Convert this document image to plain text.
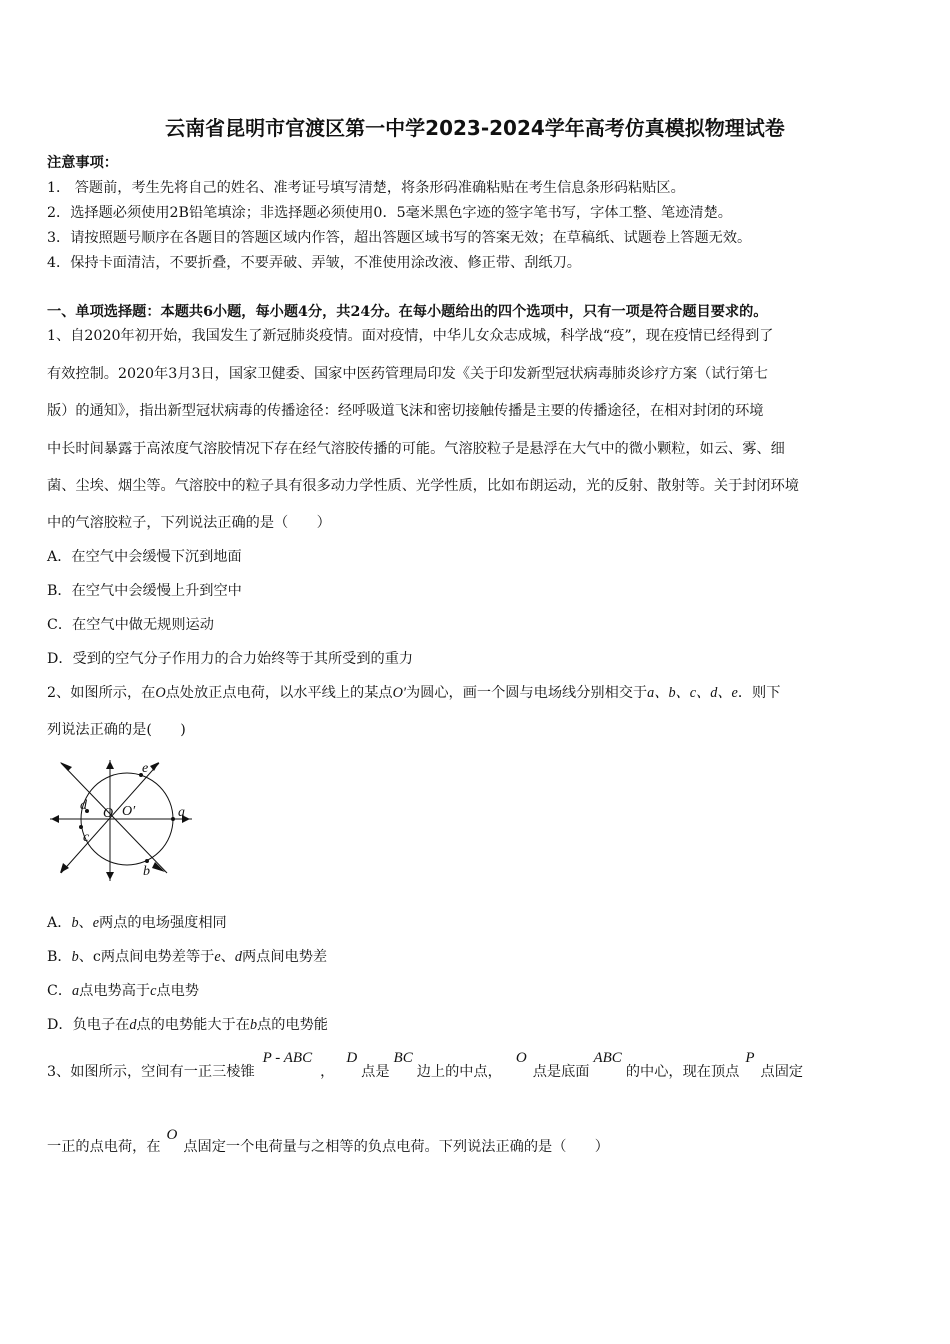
云南省昆明市官渡区第一中学2023-2024学年高考仿真模拟物理试卷
注意事项：
1． 答题前，考生先将自己的姓名、准考证号填写清楚，将条形码准确粘贴在考生信息条形码粘贴区。
2．选择题必须使用2B铅笔填涂；非选择题必须使用0．5毫米黑色字迹的签字笔书写，字体工整、笔迹清楚。
3．请按照题号顺序在各题目的答题区域内作答，超出答题区域书写的答案无效；在草稿纸、试题卷上答题无效。
4．保持卡面清洁，不要折叠，不要弄破、弄皱，不准使用涂改液、修正带、刮纸刀。
一、单项选择题：本题共6小题，每小题4分，共24分。在每小题给出的四个选项中，只有一项是符合题目要求的。
1、自2020年初开始，我国发生了新冠肺炎疫情。面对疫情，中华儿女众志成城，科学战“疫”，现在疫情已经得到了
有效控制。2020年3月3日，国家卫健委、国家中医药管理局印发《关于印发新型冠状病毒肺炎诊疗方案（试行第七
版）的通知》，指出新型冠状病毒的传播途径：经呼吸道飞沫和密切接触传播是主要的传播途径，在相对封闭的环境
中长时间暴露于高浓度气溶胶情况下存在经气溶胶传播的可能。气溶胶粒子是悬浮在大气中的微小颗粒，如云、雾、细
菌、尘埃、烟尘等。气溶胶中的粒子具有很多动力学性质、光学性质，比如布朗运动，光的反射、散射等。关于封闭环境
中的气溶胶粒子，下列说法正确的是（　　）
A．在空气中会缓慢下沉到地面
B．在空气中会缓慢上升到空中
C．在空气中做无规则运动
D．受到的空气分子作用力的合力始终等于其所受到的重力
2、如图所示，在O点处放正点电荷，以水平线上的某点O′为圆心，画一个圆与电场线分别相交于a、b、c、d、e．则下
列说法正确的是(　　)
a
b
c
d
e
O O′
A．b、e两点的电场强度相同
B．b、c两点间电势差等于e、d两点间电势差
C．a点电势高于c点电势
D．负电子在d点的电势能大于在b点的电势能
3、如图所示，空间有一正三棱锥P - ABC，D点是BC边上的中点，O点是底面ABC的中心，现在顶点P点固定
一正的点电荷，在O点固定一个电荷量与之相等的负点电荷。下列说法正确的是（　　）
